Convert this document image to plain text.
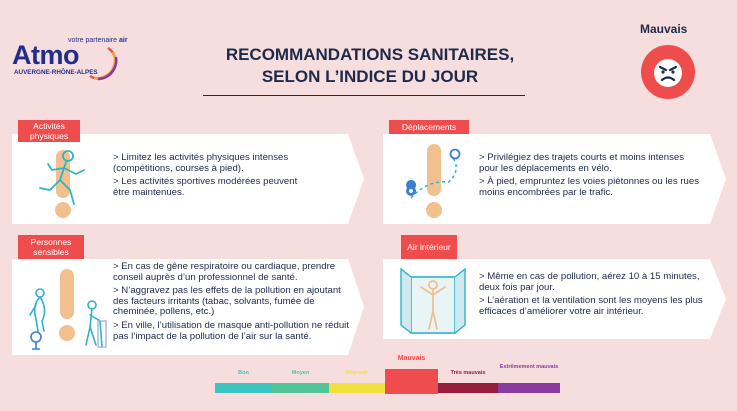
Atmo
votre partenaire air
AUVERGNE-RHÔNE-ALPES
RECOMMANDATIONS SANITAIRES,
SELON L’INDICE DU JOUR
Mauvais
Activités physiques

> Limitez les activités physiques intenses (compétitions, courses à pied).

> Les activités sportives modérées peuvent être maintenues.

Déplacements

> Privilégiez des trajets courts et moins intenses pour les déplacements en vélo.

> À pied, empruntez les voies piétonnes ou les rues moins encombrées par le trafic.

Personnes sensibles

> En cas de gêne respiratoire ou cardiaque, prendre conseil auprès d’un professionnel de santé.

> N’aggravez pas les effets de la pollution en ajoutant des facteurs irritants (tabac, solvants, fumée de cheminée, pollens, etc.)

> En ville, l’utilisation de masque anti-pollution ne réduit pas l’impact de la pollution de l’air sur la santé.

Air intérieur

> Même en cas de pollution, aérez 10 à 15 minutes, deux fois par jour.

> L’aération et la ventilation sont les moyens les plus efficaces d’améliorer votre air intérieur.

Bon	Moyen	Dégradé
Mauvais
Très mauvais
Extrêmement mauvais
